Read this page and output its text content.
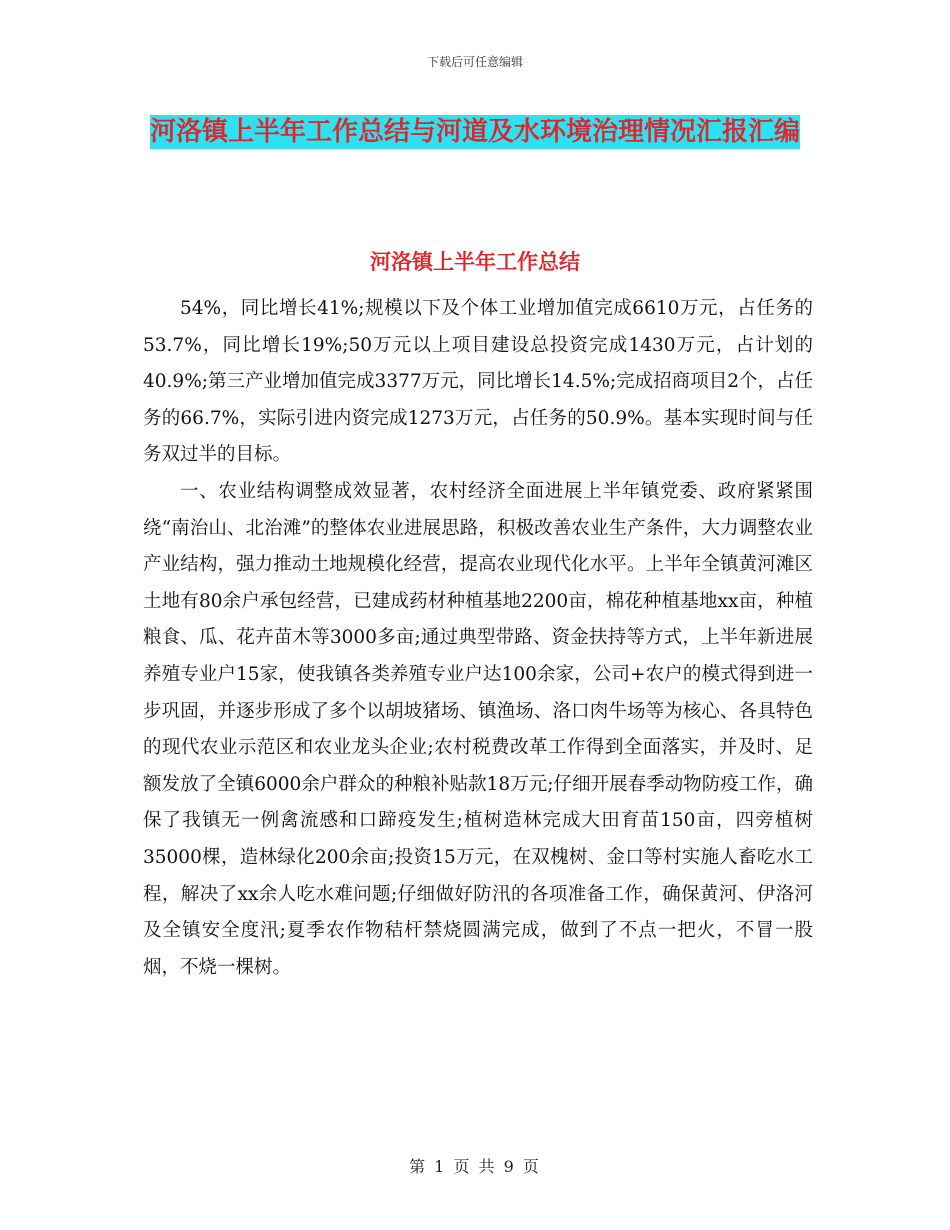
下载后可任意编辑
河洛镇上半年工作总结与河道及水环境治理情况汇报汇编
河洛镇上半年工作总结

54%，同比增长41%;规模以下及个体工业增加值完成6610万元，占任务的53.7%，同比增长19%;50万元以上项目建设总投资完成1430万元，占计划的40.9%;第三产业增加值完成3377万元，同比增长14.5%;完成招商项目2个，占任务的66.7%，实际引进内资完成1273万元，占任务的50.9%。基本实现时间与任务双过半的目标。

一、农业结构调整成效显著，农村经济全面进展上半年镇党委、政府紧紧围绕“南治山、北治滩”的整体农业进展思路，积极改善农业生产条件，大力调整农业产业结构，强力推动土地规模化经营，提高农业现代化水平。上半年全镇黄河滩区土地有80余户承包经营，已建成药材种植基地2200亩，棉花种植基地xx亩，种植粮食、瓜、花卉苗木等3000多亩;通过典型带路、资金扶持等方式，上半年新进展养殖专业户15家，使我镇各类养殖专业户达100余家，公司+农户的模式得到进一步巩固，并逐步形成了多个以胡坡猪场、镇渔场、洛口肉牛场等为核心、各具特色的现代农业示范区和农业龙头企业;农村税费改革工作得到全面落实，并及时、足额发放了全镇6000余户群众的种粮补贴款18万元;仔细开展春季动物防疫工作，确保了我镇无一例禽流感和口蹄疫发生;植树造林完成大田育苗150亩，四旁植树35000棵，造林绿化200余亩;投资15万元，在双槐树、金口等村实施人畜吃水工程，解决了xx余人吃水难问题;仔细做好防汛的各项准备工作，确保黄河、伊洛河及全镇安全度汛;夏季农作物秸杆禁烧圆满完成，做到了不点一把火，不冒一股烟，不烧一棵树。

第 1 页 共 9 页
